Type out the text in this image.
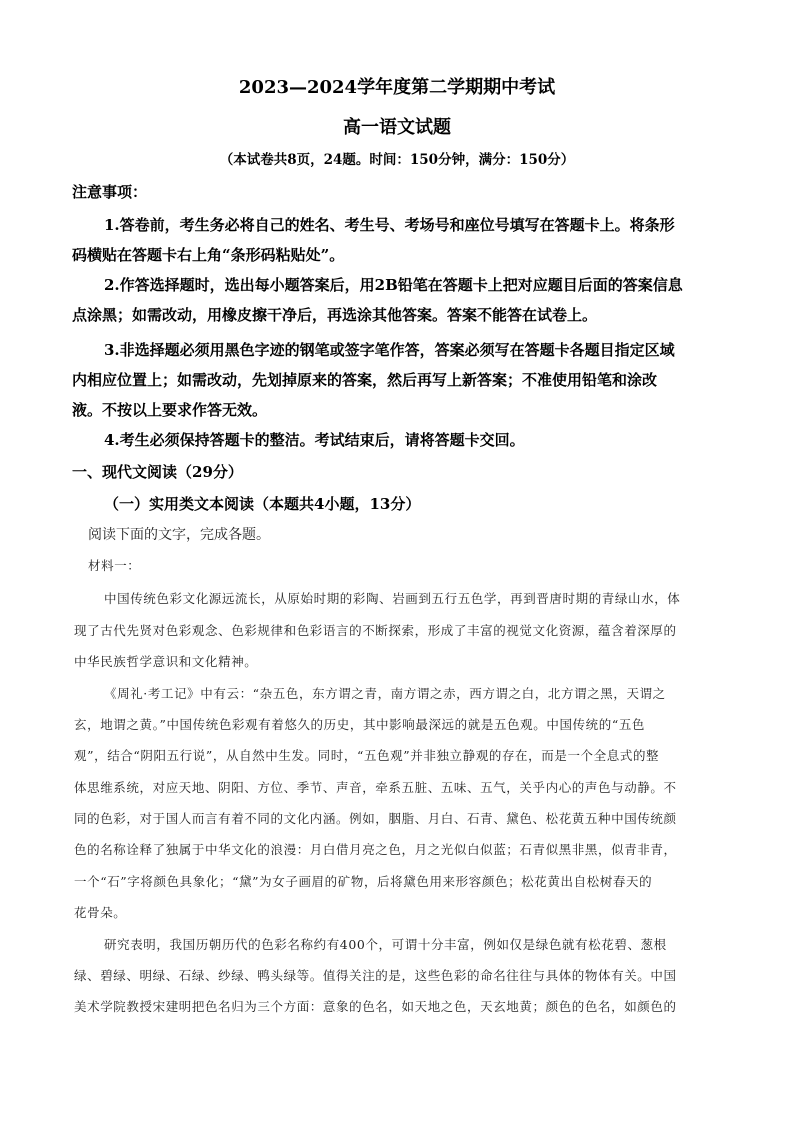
2023—2024学年度第二学期期中考试
高一语文试题
（本试卷共8页，24题。时间：150分钟，满分：150分）
注意事项：
1.答卷前，考生务必将自己的姓名、考生号、考场号和座位号填写在答题卡上。将条形
码横贴在答题卡右上角“条形码粘贴处”。
2.作答选择题时，选出每小题答案后，用2B铅笔在答题卡上把对应题目后面的答案信息
点涂黑；如需改动，用橡皮擦干净后，再选涂其他答案。答案不能答在试卷上。
3.非选择题必须用黑色字迹的钢笔或签字笔作答，答案必须写在答题卡各题目指定区域
内相应位置上；如需改动，先划掉原来的答案，然后再写上新答案；不准使用铅笔和涂改
液。不按以上要求作答无效。
4.考生必须保持答题卡的整洁。考试结束后，请将答题卡交回。
一、现代文阅读（29分）
（一）实用类文本阅读（本题共4小题，13分）
阅读下面的文字，完成各题。
材料一：
中国传统色彩文化源远流长，从原始时期的彩陶、岩画到五行五色学，再到晋唐时期的青绿山水，体
现了古代先贤对色彩观念、色彩规律和色彩语言的不断探索，形成了丰富的视觉文化资源，蕴含着深厚的
中华民族哲学意识和文化精神。
《周礼·考工记》中有云：“杂五色，东方谓之青，南方谓之赤，西方谓之白，北方谓之黑，天谓之
玄，地谓之黄。”中国传统色彩观有着悠久的历史，其中影响最深远的就是五色观。中国传统的“五色
观”，结合“阴阳五行说”，从自然中生发。同时，“五色观”并非独立静观的存在，而是一个全息式的整
体思维系统，对应天地、阴阳、方位、季节、声音，牵系五脏、五味、五气，关乎内心的声色与动静。不
同的色彩，对于国人而言有着不同的文化内涵。例如，胭脂、月白、石青、黛色、松花黄五种中国传统颜
色的名称诠释了独属于中华文化的浪漫：月白借月亮之色，月之光似白似蓝；石青似黑非黑，似青非青，
一个“石”字将颜色具象化；“黛”为女子画眉的矿物，后将黛色用来形容颜色；松花黄出自松树春天的
花骨朵。
研究表明，我国历朝历代的色彩名称约有400个，可谓十分丰富，例如仅是绿色就有松花碧、葱根
绿、碧绿、明绿、石绿、纱绿、鸭头绿等。值得关注的是，这些色彩的命名往往与具体的物体有关。中国
美术学院教授宋建明把色名归为三个方面：意象的色名，如天地之色，天玄地黄；颜色的色名，如颜色的
